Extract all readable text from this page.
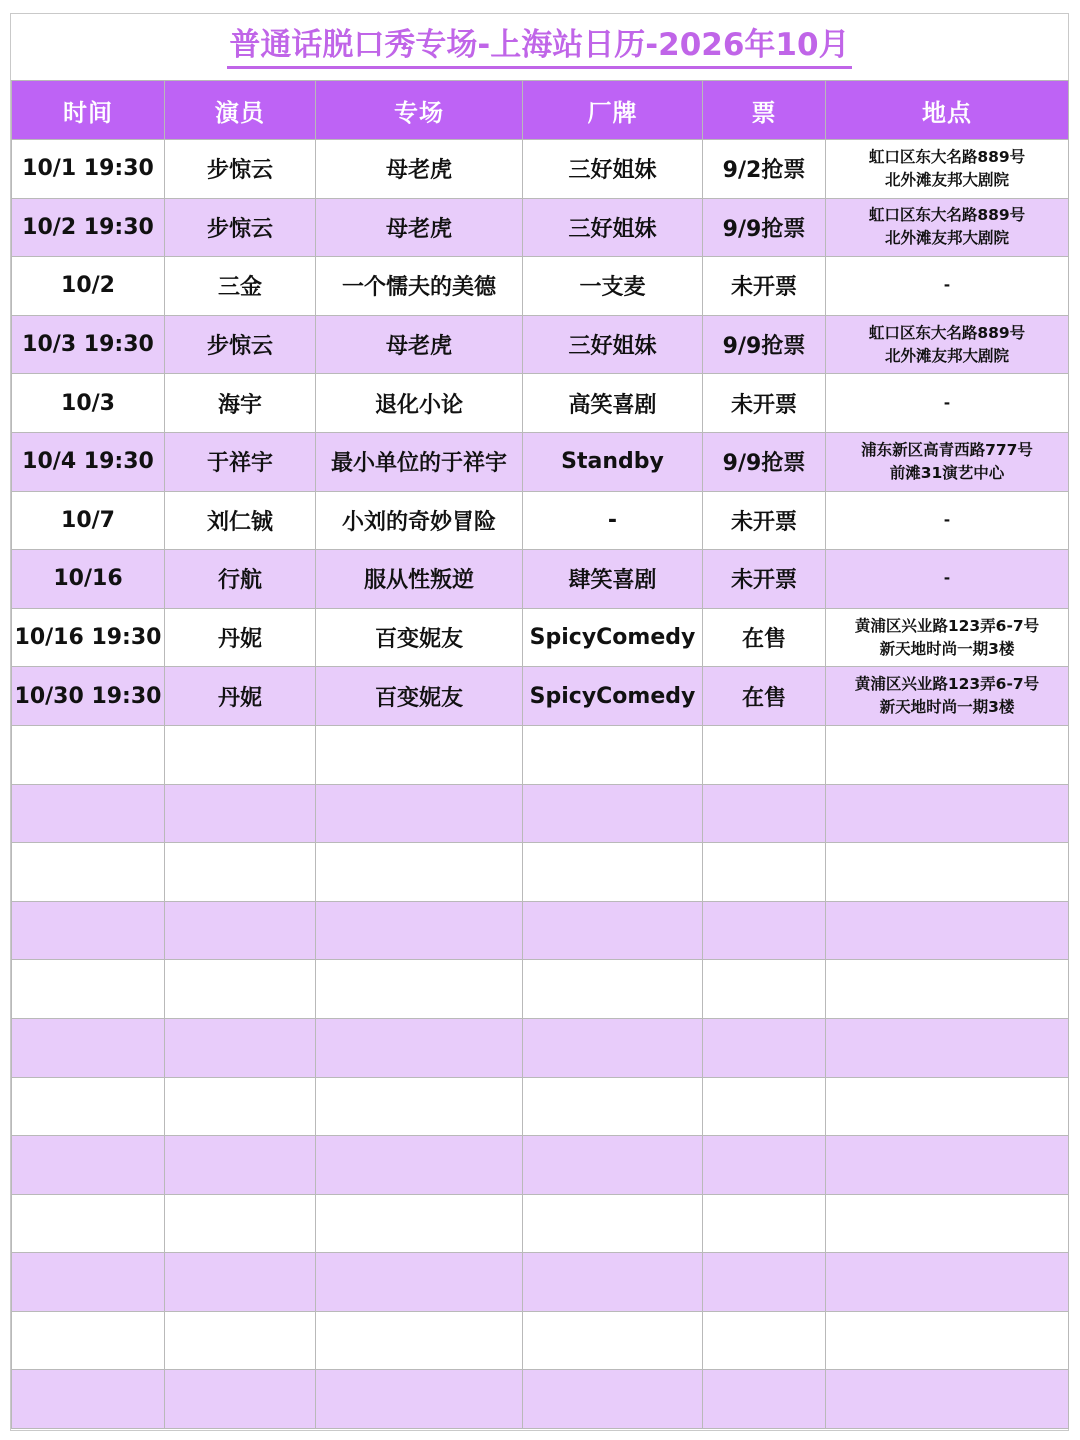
普通话脱口秀专场-上海站日历-2026年10月
时间	演员	专场	厂牌	票	地点
10/1 19:30	步惊云	母老虎	三好姐妹	9/2抢票	虹口区东大名路889号
北外滩友邦大剧院

10/2 19:30	步惊云	母老虎	三好姐妹	9/9抢票	虹口区东大名路889号
北外滩友邦大剧院

10/2	三金	一个懦夫的美德	一支麦	未开票	-

10/3 19:30	步惊云	母老虎	三好姐妹	9/9抢票	虹口区东大名路889号
北外滩友邦大剧院

10/3	海宇	退化小论	高笑喜剧	未开票	-

10/4 19:30	于祥宇	最小单位的于祥宇	Standby	9/9抢票	浦东新区高青西路777号
前滩31演艺中心

10/7	刘仁铖	小刘的奇妙冒险	-	未开票	-

10/16	行航	服从性叛逆	肆笑喜剧	未开票	-

10/16 19:30	丹妮	百变妮友	SpicyComedy	在售	黄浦区兴业路123弄6-7号
新天地时尚一期3楼

10/30 19:30	丹妮	百变妮友	SpicyComedy	在售	黄浦区兴业路123弄6-7号
新天地时尚一期3楼
